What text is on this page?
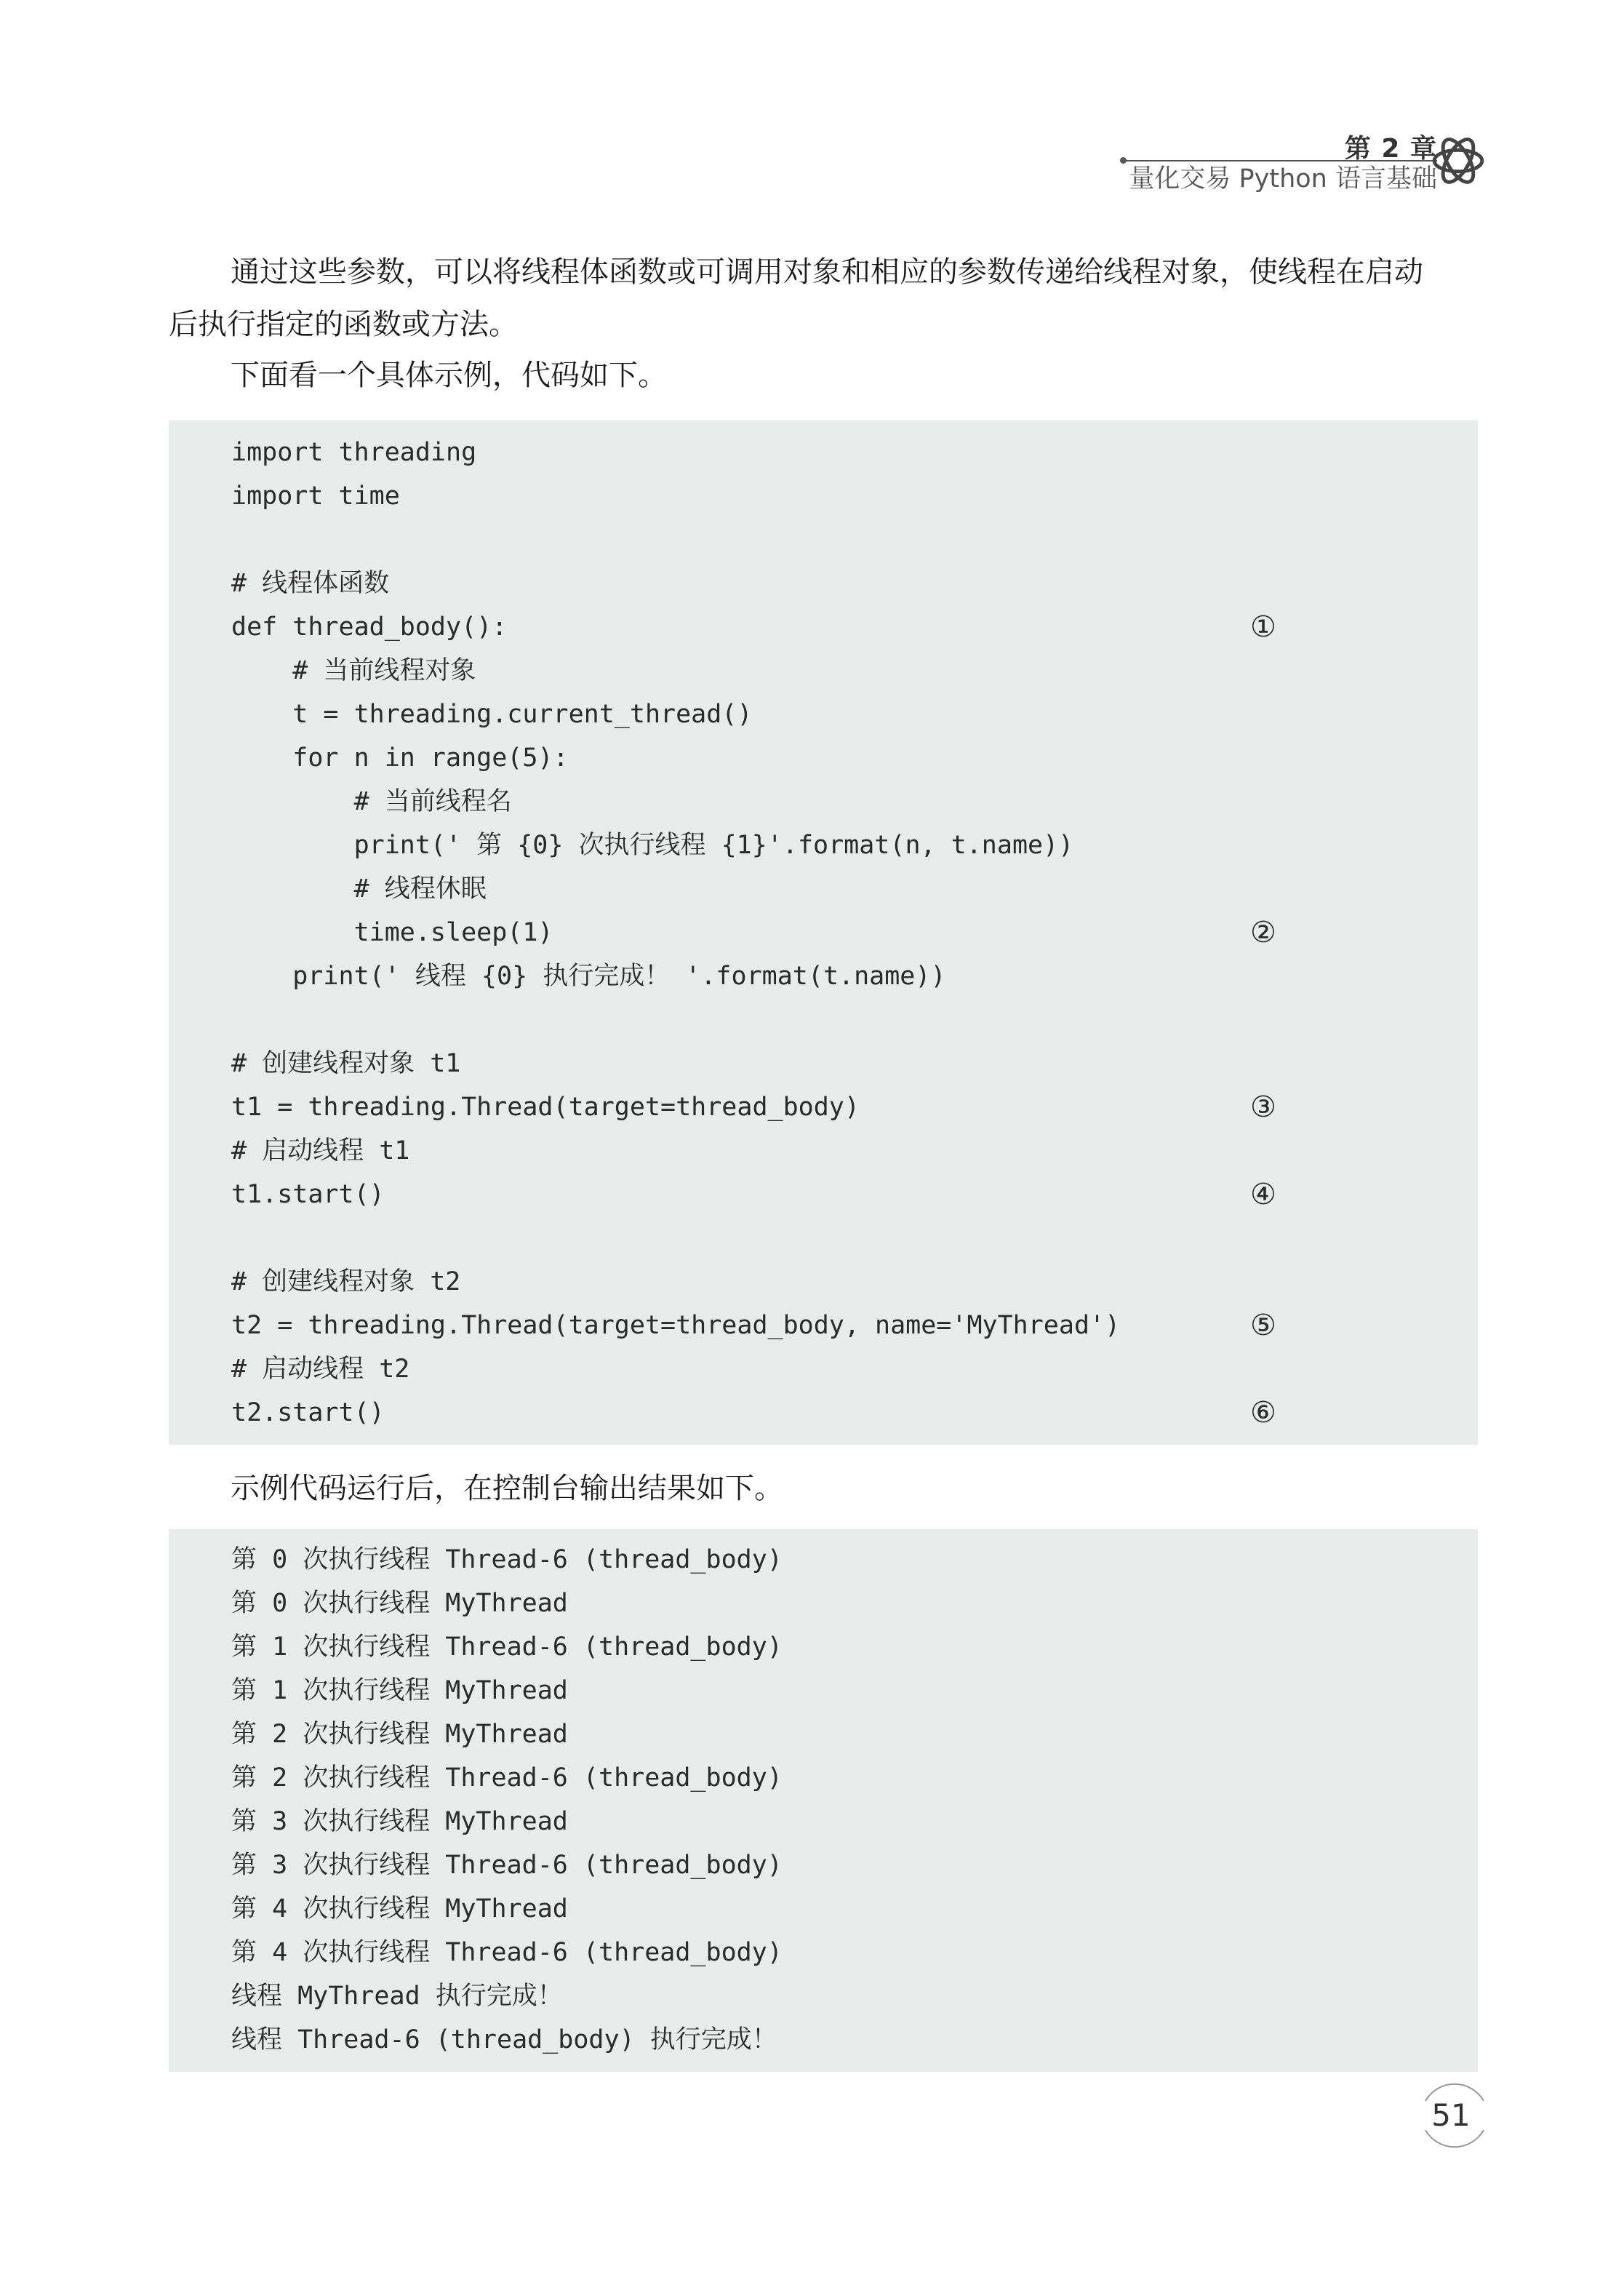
第 2 章
量化交易 Python 语言基础
通过这些参数，可以将线程体函数或可调用对象和相应的参数传递给线程对象，使线程在启动
后执行指定的函数或方法。
下面看一个具体示例，代码如下。
import threading
import time
# 线程体函数
def thread_body():
# 当前线程对象
t = threading.current_thread()
for n in range(5):
# 当前线程名
print(' 第 {0} 次执行线程 {1}'.format(n, t.name))
# 线程休眠
time.sleep(1)
print(' 线程 {0} 执行完成！ '.format(t.name))
# 创建线程对象 t1
t1 = threading.Thread(target=thread_body)
# 启动线程 t1
t1.start()
# 创建线程对象 t2
t2 = threading.Thread(target=thread_body, name='MyThread')
# 启动线程 t2
t2.start()
①
②
③
④
⑤
⑥
示例代码运行后，在控制台输出结果如下。
第 0 次执行线程 Thread-6 (thread_body)
第 0 次执行线程 MyThread
第 1 次执行线程 Thread-6 (thread_body)
第 1 次执行线程 MyThread
第 2 次执行线程 MyThread
第 2 次执行线程 Thread-6 (thread_body)
第 3 次执行线程 MyThread
第 3 次执行线程 Thread-6 (thread_body)
第 4 次执行线程 MyThread
第 4 次执行线程 Thread-6 (thread_body)
线程 MyThread 执行完成！
线程 Thread-6 (thread_body) 执行完成！
51
